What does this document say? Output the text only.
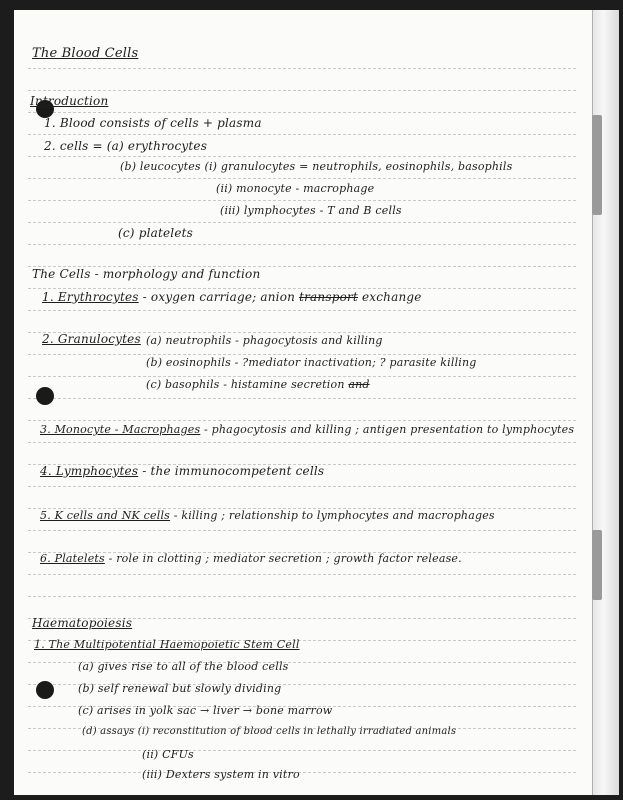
The Blood Cells
Introduction
1. Blood consists of cells + plasma
2. cells = (a) erythrocytes
(b) leucocytes (i) granulocytes = neutrophils, eosinophils, basophils
(ii) monocyte - macrophage
(iii) lymphocytes - T and B cells
(c) platelets
The Cells - morphology and function
1. Erythrocytes - oxygen carriage; anion transport exchange
2. Granulocytes (a) neutrophils - phagocytosis and killing
(b) eosinophils - ?mediator inactivation; ? parasite killing
(c) basophils - histamine secretion and
3. Monocyte - Macrophages - phagocytosis and killing ; antigen presentation to lymphocytes
4. Lymphocytes - the immunocompetent cells
5. K cells and NK cells - killing ; relationship to lymphocytes and macrophages
6. Platelets - role in clotting ; mediator secretion ; growth factor release.
Haematopoiesis
1. The Multipotential Haemopoietic Stem Cell
(a) gives rise to all of the blood cells
(b) self renewal but slowly dividing
(c) arises in yolk sac → liver → bone marrow
(d) assays (i) reconstitution of blood cells in lethally irradiated animals
(ii) CFUs
(iii) Dexters system in vitro
